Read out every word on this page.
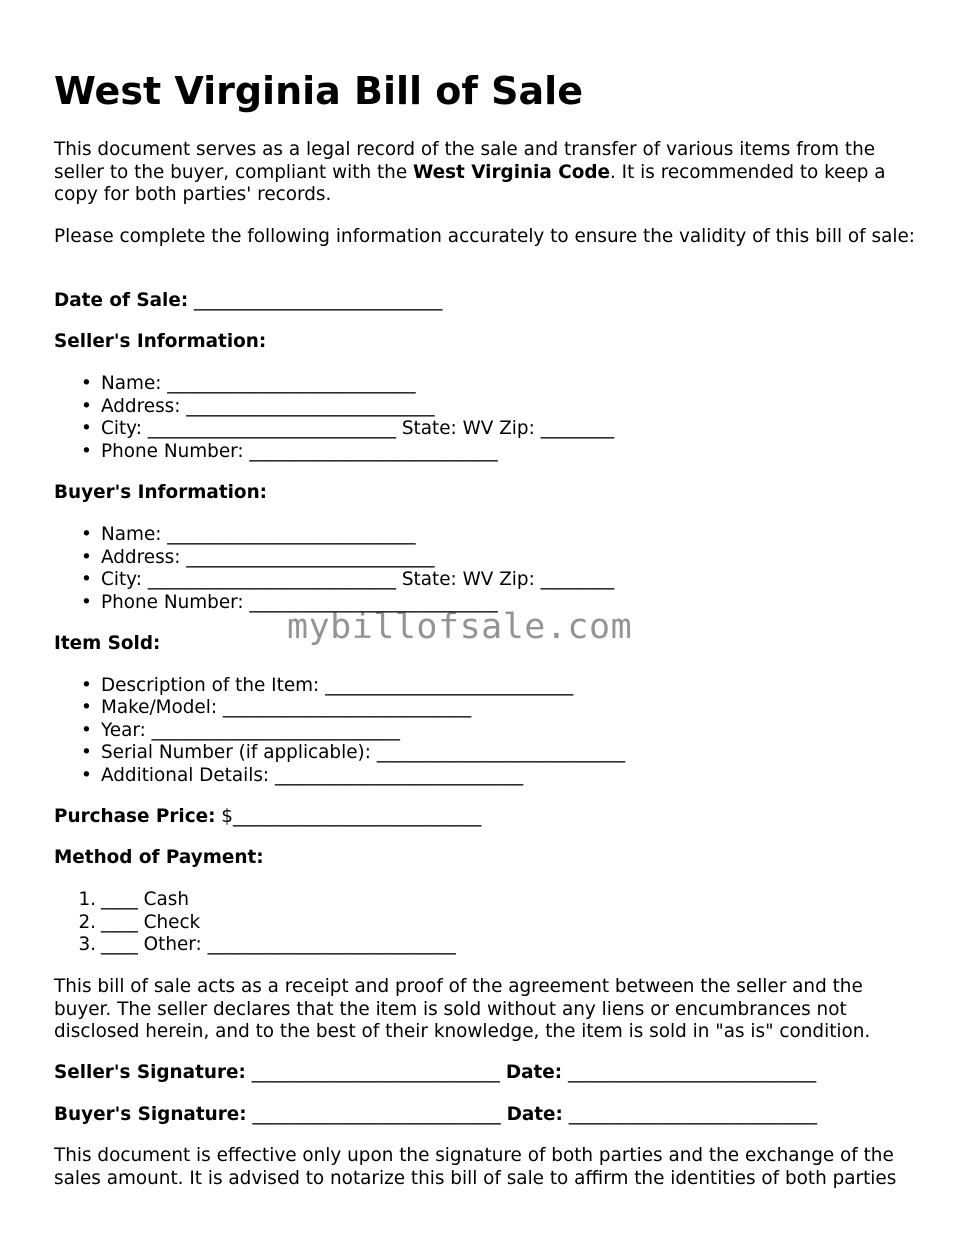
West Virginia Bill of Sale

This document serves as a legal record of the sale and transfer of various items from the seller to the buyer, compliant with the West Virginia Code. It is recommended to keep a copy for both parties' records.

Please complete the following information accurately to ensure the validity of this bill of sale:

Date of Sale: ___________________________
Seller's Information:
• Name: ___________________________
• Address: ___________________________
• City: ___________________________ State: WV Zip: ________
• Phone Number: ___________________________
Buyer's Information:
• Name: ___________________________
• Address: ___________________________
• City: ___________________________ State: WV Zip: ________
• Phone Number: ___________________________
Item Sold:
• Description of the Item: ___________________________
• Make/Model: ___________________________
• Year: ___________________________
• Serial Number (if applicable): ___________________________
• Additional Details: ___________________________
Purchase Price: $___________________________
Method of Payment:
1. ____ Cash
2. ____ Check
3. ____ Other: ___________________________

This bill of sale acts as a receipt and proof of the agreement between the seller and the buyer. The seller declares that the item is sold without any liens or encumbrances not disclosed herein, and to the best of their knowledge, the item is sold in "as is" condition.

Seller's Signature: ___________________________ Date: ___________________________
Buyer's Signature: ___________________________ Date: ___________________________

This document is effective only upon the signature of both parties and the exchange of the sales amount. It is advised to notarize this bill of sale to affirm the identities of both parties

mybillofsale.com
